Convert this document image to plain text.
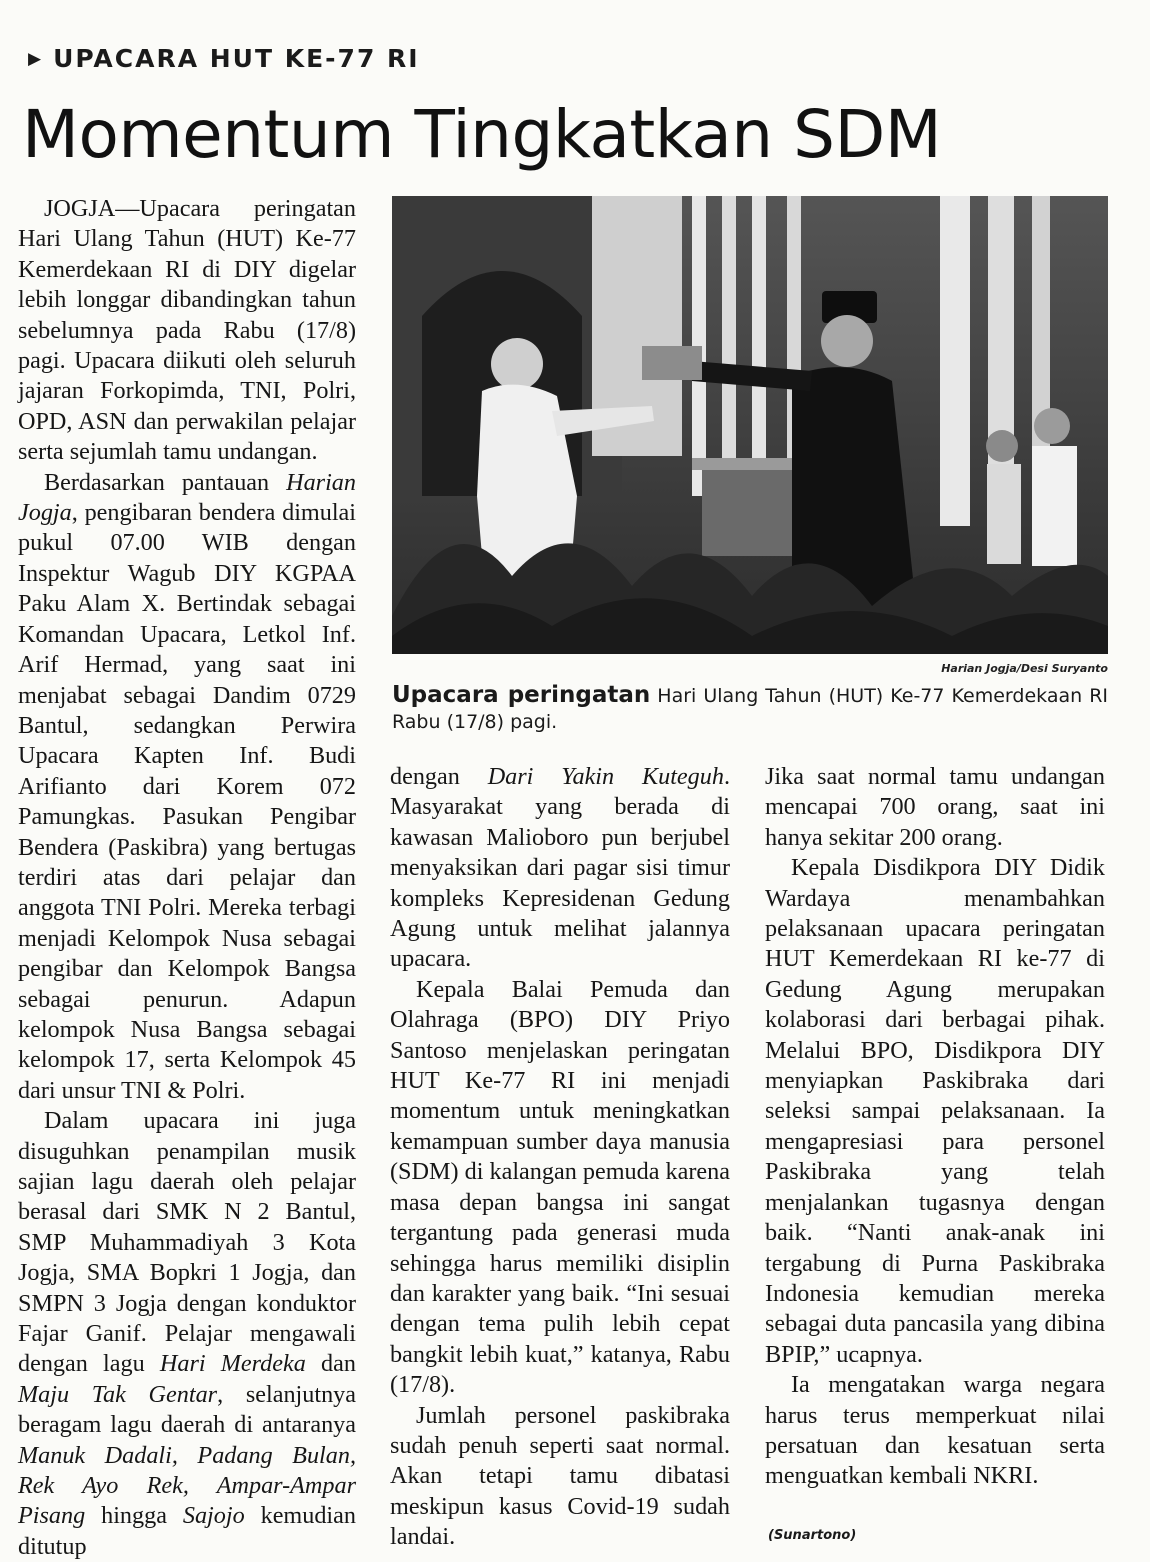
▶ UPACARA HUT KE-77 RI
Momentum Tingkatkan SDM

JOGJA—Upacara peringatan Hari Ulang Tahun (HUT) Ke-77 Kemerdekaan RI di DIY digelar lebih longgar dibandingkan tahun sebelumnya pada Rabu (17/8) pagi. Upacara diikuti oleh seluruh jajaran Forkopimda, TNI, Polri, OPD, ASN dan perwakilan pelajar serta sejumlah tamu undangan.

Berdasarkan pantauan Harian Jogja, pengibaran bendera dimulai pukul 07.00 WIB dengan Inspektur Wagub DIY KGPAA Paku Alam X. Bertindak sebagai Komandan Upacara, Letkol Inf. Arif Hermad, yang saat ini menjabat sebagai Dandim 0729 Bantul, sedangkan Perwira Upacara Kapten Inf. Budi Arifianto dari Korem 072 Pamungkas. Pasukan Pengibar Bendera (Paskibra) yang bertugas terdiri atas dari pelajar dan anggota TNI Polri. Mereka terbagi menjadi Kelompok Nusa sebagai pengibar dan Kelompok Bangsa sebagai penurun. Adapun kelompok Nusa Bangsa sebagai kelompok 17, serta Kelompok 45 dari unsur TNI & Polri.

Dalam upacara ini juga disuguhkan penampilan musik sajian lagu daerah oleh pelajar berasal dari SMK N 2 Bantul, SMP Muhammadiyah 3 Kota Jogja, SMA Bopkri 1 Jogja, dan SMPN 3 Jogja dengan konduktor Fajar Ganif. Pelajar mengawali dengan lagu Hari Merdeka dan Maju Tak Gentar, selanjutnya beragam lagu daerah di antaranya Manuk Dadali, Padang Bulan, Rek Ayo Rek, Ampar-Ampar Pisang hingga Sajojo kemudian ditutup

Harian Jogja/Desi Suryanto
Upacara peringatan Hari Ulang Tahun (HUT) Ke-77 Kemerdekaan RI Rabu (17/8) pagi.

dengan Dari Yakin Kuteguh. Masyarakat yang berada di kawasan Malioboro pun berjubel menyaksikan dari pagar sisi timur kompleks Kepresidenan Gedung Agung untuk melihat jalannya upacara.

Kepala Balai Pemuda dan Olahraga (BPO) DIY Priyo Santoso menjelaskan peringatan HUT Ke-77 RI ini menjadi momentum untuk meningkatkan kemampuan sumber daya manusia (SDM) di kalangan pemuda karena masa depan bangsa ini sangat tergantung pada generasi muda sehingga harus memiliki disiplin dan karakter yang baik. “Ini sesuai dengan tema pulih lebih cepat bangkit lebih kuat,” katanya, Rabu (17/8).

Jumlah personel paskibraka sudah penuh seperti saat normal. Akan tetapi tamu dibatasi meskipun kasus Covid-19 sudah landai.

Jika saat normal tamu undangan mencapai 700 orang, saat ini hanya sekitar 200 orang.

Kepala Disdikpora DIY Didik Wardaya menambahkan pelaksanaan upacara peringatan HUT Kemerdekaan RI ke-77 di Gedung Agung merupakan kolaborasi dari berbagai pihak. Melalui BPO, Disdikpora DIY menyiapkan Paskibraka dari seleksi sampai pelaksanaan. Ia mengapresiasi para personel Paskibraka yang telah menjalankan tugasnya dengan baik. “Nanti anak-anak ini tergabung di Purna Paskibraka Indonesia kemudian mereka sebagai duta pancasila yang dibina BPIP,” ucapnya.

Ia mengatakan warga negara harus terus memperkuat nilai persatuan dan kesatuan serta menguatkan kembali NKRI.

(Sunartono)
